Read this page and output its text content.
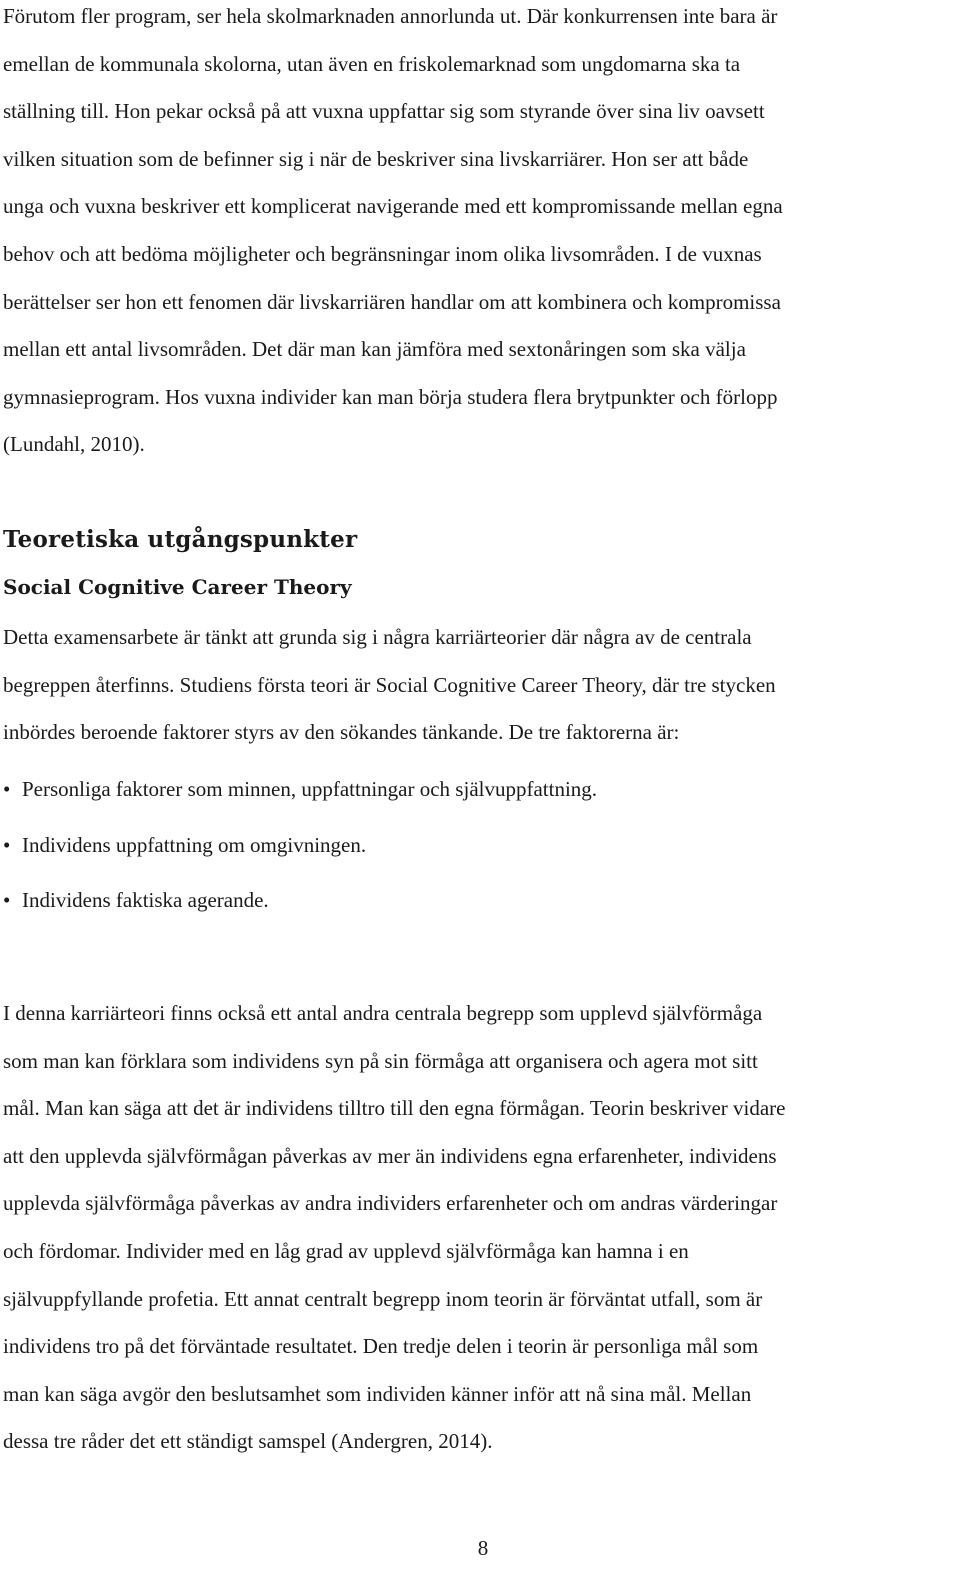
Förutom fler program, ser hela skolmarknaden annorlunda ut. Där konkurrensen inte bara är
emellan de kommunala skolorna, utan även en friskolemarknad som ungdomarna ska ta
ställning till. Hon pekar också på att vuxna uppfattar sig som styrande över sina liv oavsett
vilken situation som de befinner sig i när de beskriver sina livskarriärer. Hon ser att både
unga och vuxna beskriver ett komplicerat navigerande med ett kompromissande mellan egna
behov och att bedöma möjligheter och begränsningar inom olika livsområden. I de vuxnas
berättelser ser hon ett fenomen där livskarriären handlar om att kombinera och kompromissa
mellan ett antal livsområden. Det där man kan jämföra med sextonåringen som ska välja
gymnasieprogram. Hos vuxna individer kan man börja studera flera brytpunkter och förlopp
(Lundahl, 2010).

Teoretiska utgångspunkter
Social Cognitive Career Theory

Detta examensarbete är tänkt att grunda sig i några karriärteorier där några av de centrala
begreppen återfinns. Studiens första teori är Social Cognitive Career Theory, där tre stycken
inbördes beroende faktorer styrs av den sökandes tänkande. De tre faktorerna är:

• Personliga faktorer som minnen, uppfattningar och självuppfattning.
• Individens uppfattning om omgivningen.
• Individens faktiska agerande.

I denna karriärteori finns också ett antal andra centrala begrepp som upplevd självförmåga
som man kan förklara som individens syn på sin förmåga att organisera och agera mot sitt
mål. Man kan säga att det är individens tilltro till den egna förmågan. Teorin beskriver vidare
att den upplevda självförmågan påverkas av mer än individens egna erfarenheter, individens
upplevda självförmåga påverkas av andra individers erfarenheter och om andras värderingar
och fördomar. Individer med en låg grad av upplevd självförmåga kan hamna i en
självuppfyllande profetia. Ett annat centralt begrepp inom teorin är förväntat utfall, som är
individens tro på det förväntade resultatet. Den tredje delen i teorin är personliga mål som
man kan säga avgör den beslutsamhet som individen känner inför att nå sina mål. Mellan
dessa tre råder det ett ständigt samspel (Andergren, 2014).

8
